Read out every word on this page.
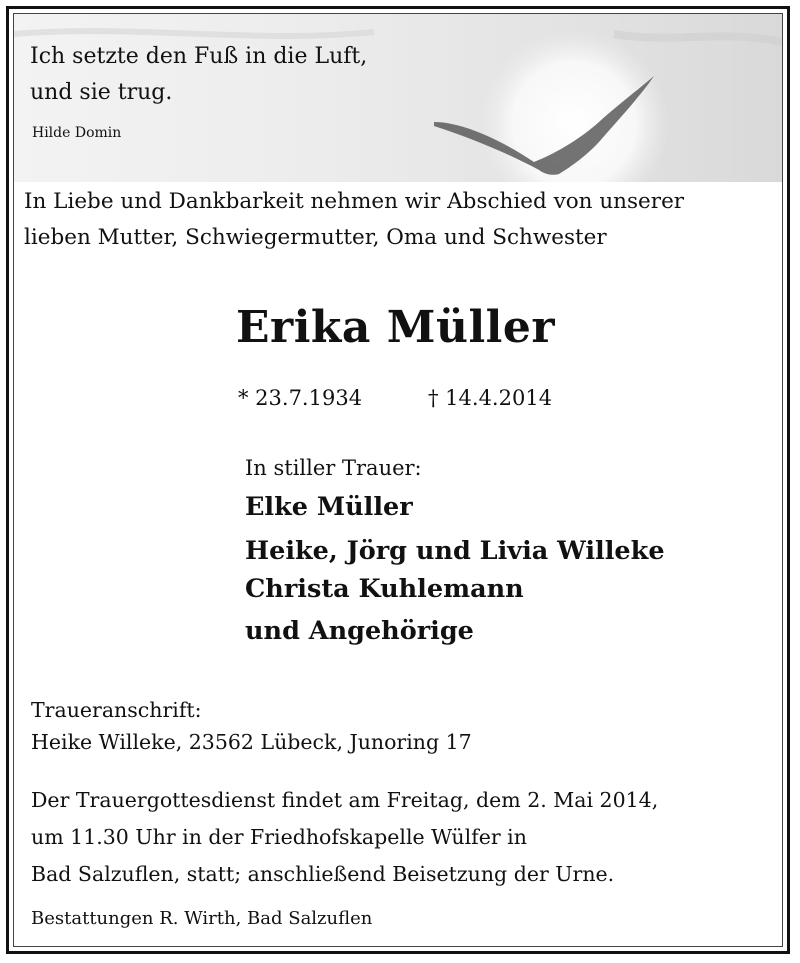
Ich setzte den Fuß in die Luft,
und sie trug.
Hilde Domin
In Liebe und Dankbarkeit nehmen wir Abschied von unserer
lieben Mutter, Schwiegermutter, Oma und Schwester
Erika Müller
* 23.7.1934	† 14.4.2014
In stiller Trauer:
Elke Müller
Heike, Jörg und Livia Willeke
Christa Kuhlemann
und Angehörige
Traueranschrift:
Heike Willeke, 23562 Lübeck, Junoring 17
Der Trauergottesdienst findet am Freitag, dem 2. Mai 2014,
um 11.30 Uhr in der Friedhofskapelle Wülfer in
Bad Salzuflen, statt; anschließend Beisetzung der Urne.
Bestattungen R. Wirth, Bad Salzuflen
